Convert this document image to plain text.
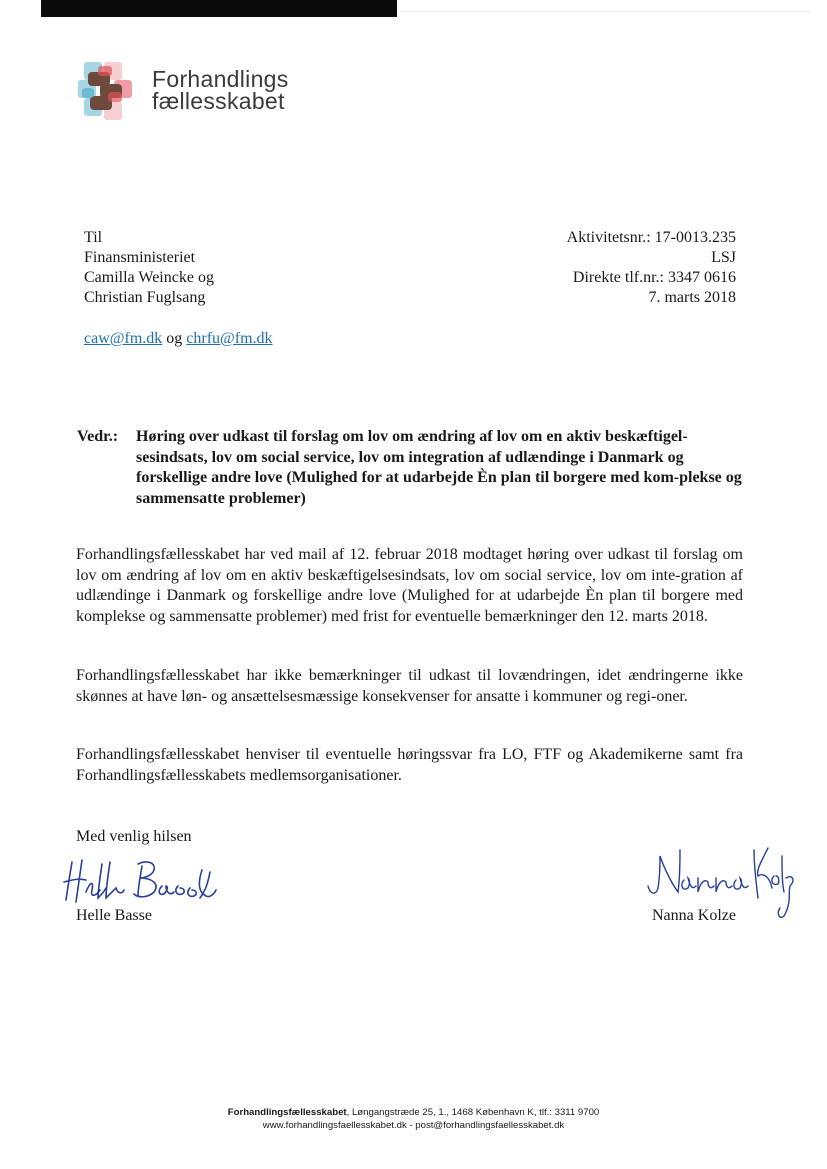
Forhandlings
fællesskabet
Til
Finansministeriet
Camilla Weincke og
Christian Fuglsang
Aktivitetsnr.: 17-0013.235
LSJ
Direkte tlf.nr.: 3347 0616
7. marts 2018
caw@fm.dk og chrfu@fm.dk
Vedr.: Høring over udkast til forslag om lov om ændring af lov om en aktiv beskæftigel-sesindsats, lov om social service, lov om integration af udlændinge i Danmark og forskellige andre love (Mulighed for at udarbejde Èn plan til borgere med kom-plekse og sammensatte problemer)
Forhandlingsfællesskabet har ved mail af 12. februar 2018 modtaget høring over udkast til forslag om lov om ændring af lov om en aktiv beskæftigelsesindsats, lov om social service, lov om inte-gration af udlændinge i Danmark og forskellige andre love (Mulighed for at udarbejde Èn plan til borgere med komplekse og sammensatte problemer) med frist for eventuelle bemærkninger den 12. marts 2018.
Forhandlingsfællesskabet har ikke bemærkninger til udkast til lovændringen, idet ændringerne ikke skønnes at have løn- og ansættelsesmæssige konsekvenser for ansatte i kommuner og regi-oner.
Forhandlingsfællesskabet henviser til eventuelle høringssvar fra LO, FTF og Akademikerne samt fra Forhandlingsfællesskabets medlemsorganisationer.
Med venlig hilsen
Helle Basse	Nanna Kolze
Forhandlingsfællesskabet, Løngangstræde 25, 1., 1468 København K, tlf.: 3311 9700
www.forhandlingsfaellesskabet.dk - post@forhandlingsfaellesskabet.dk
